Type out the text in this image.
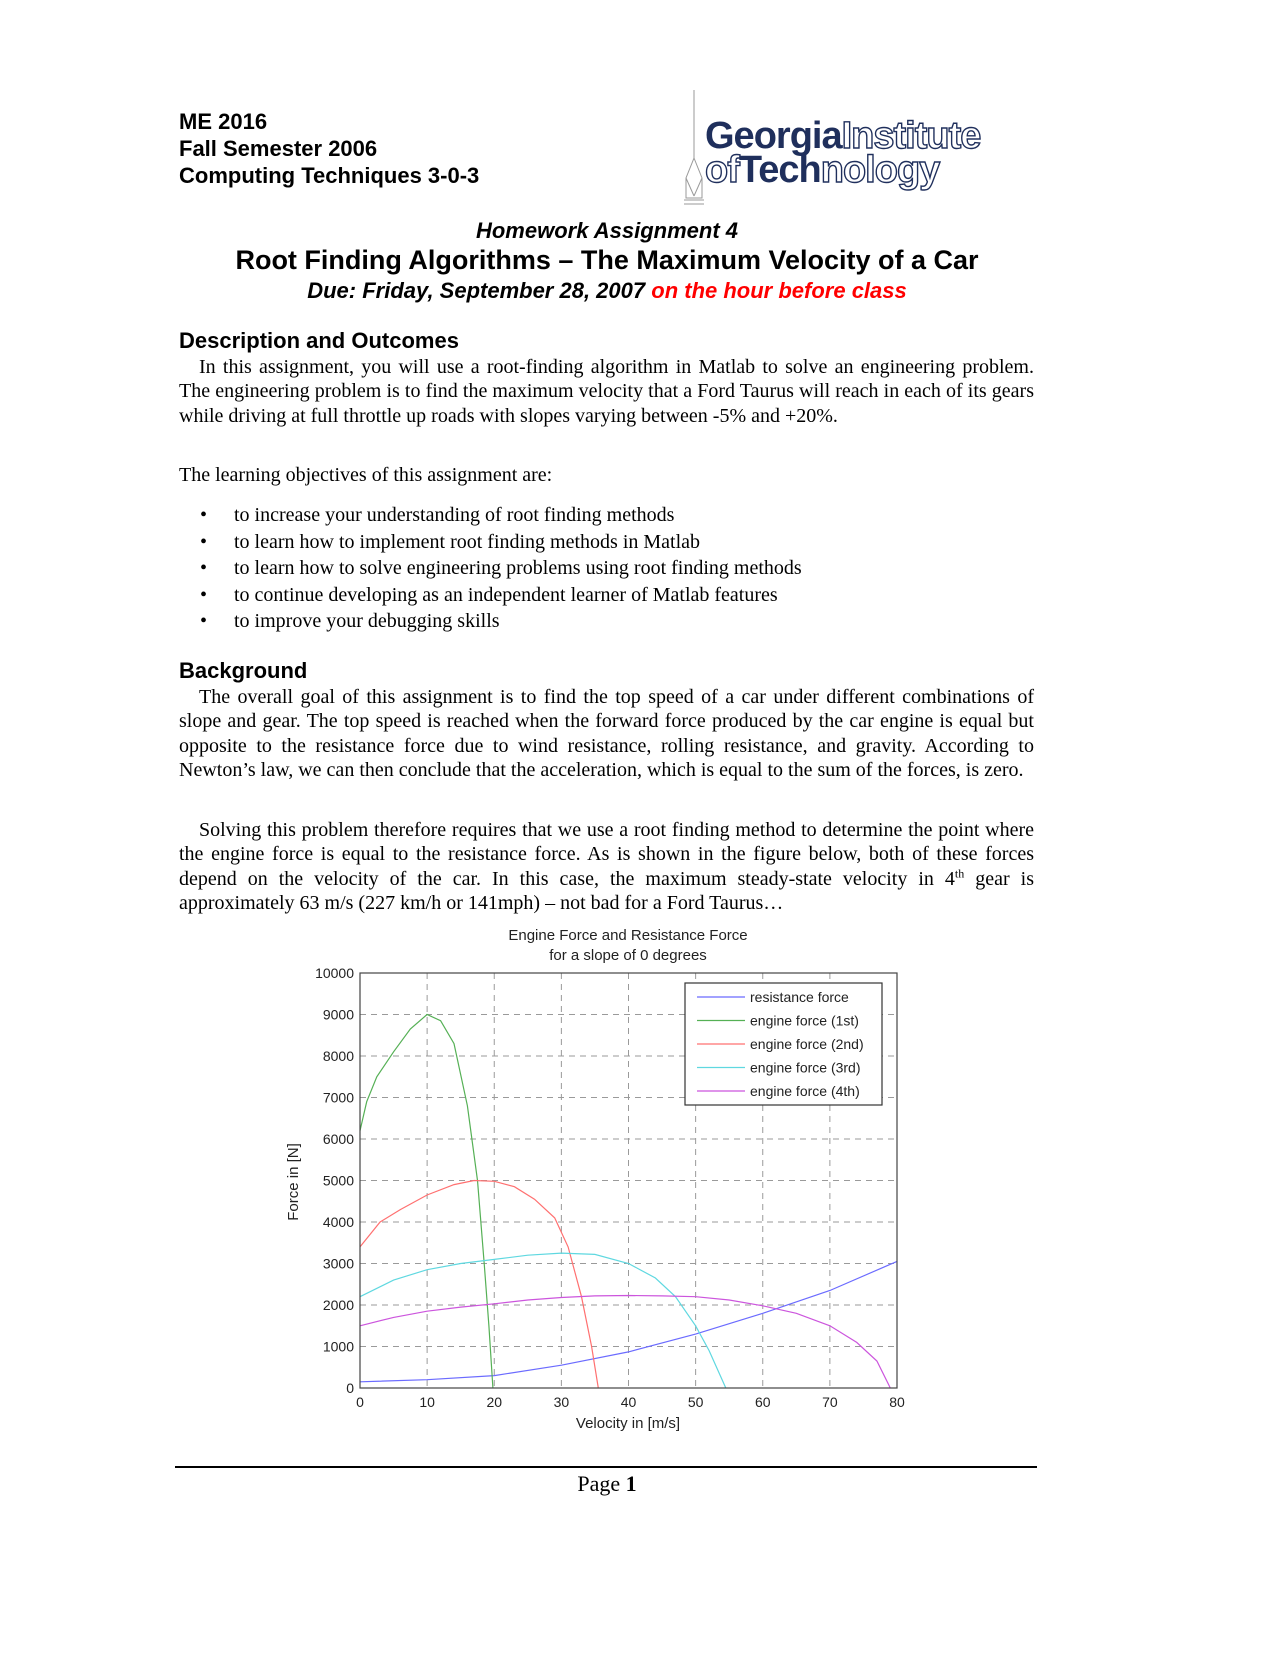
ME 2016
Fall Semester 2006
Computing Techniques 3-0-3
GeorgiaInstitute
ofTechnology
Homework Assignment 4
Root Finding Algorithms – The Maximum Velocity of a Car
Due: Friday, September 28, 2007 on the hour before class
Description and Outcomes

In this assignment, you will use a root-finding algorithm in Matlab to solve an engineering problem. The engineering problem is to find the maximum velocity that a Ford Taurus will reach in each of its gears while driving at full throttle up roads with slopes varying between -5% and +20%.

The learning objectives of this assignment are:

• to increase your understanding of root finding methods
• to learn how to implement root finding methods in Matlab
• to learn how to solve engineering problems using root finding methods
• to continue developing as an independent learner of Matlab features
• to improve your debugging skills
Background

The overall goal of this assignment is to find the top speed of a car under different combinations of slope and gear. The top speed is reached when the forward force produced by the car engine is equal but opposite to the resistance force due to wind resistance, rolling resistance, and gravity. According to Newton’s law, we can then conclude that the acceleration, which is equal to the sum of the forces, is zero.

Solving this problem therefore requires that we use a root finding method to determine the point where the engine force is equal to the resistance force. As is shown in the figure below, both of these forces depend on the velocity of the car. In this case, the maximum steady-state velocity in 4th gear is approximately 63 m/s (227 km/h or 141mph) – not bad for a Ford Taurus…

Engine Force and Resistance Force
for a slope of 0 degrees
0	10	20	30	40	50	60	70	80
0
1000
2000
3000
4000
5000
6000
7000
8000
9000
10000
Velocity in [m/s]
Force in [N]
resistance force
engine force (1st)
engine force (2nd)
engine force (3rd)
engine force (4th)
Page 1
